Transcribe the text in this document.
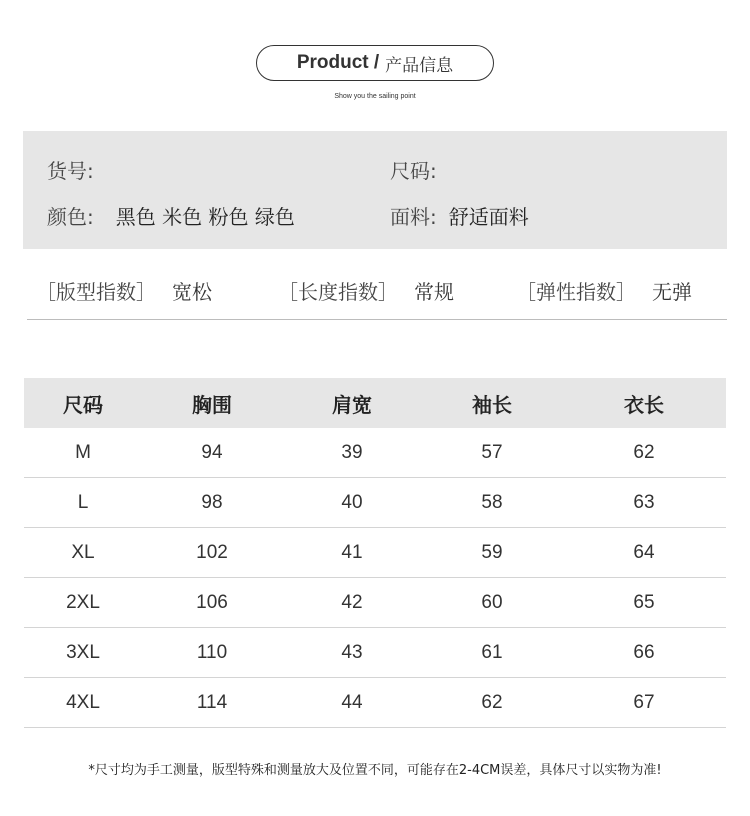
Product / 产品信息
Show you the sailing point
货号:	尺码:
颜色: 黑色 米色 粉色 绿色	面料: 舒适面料
［版型指数］ 宽松	［长度指数］ 常规	［弹性指数］ 无弹
尺码	胸围	肩宽	袖长	衣长
M	94	39	57	62
L	98	40	58	63
XL	102	41	59	64
2XL	106	42	60	65
3XL	110	43	61	66
4XL	114	44	62	67
*尺寸均为手工测量，版型特殊和测量放大及位置不同，可能存在2-4CM误差，具体尺寸以实物为准!
